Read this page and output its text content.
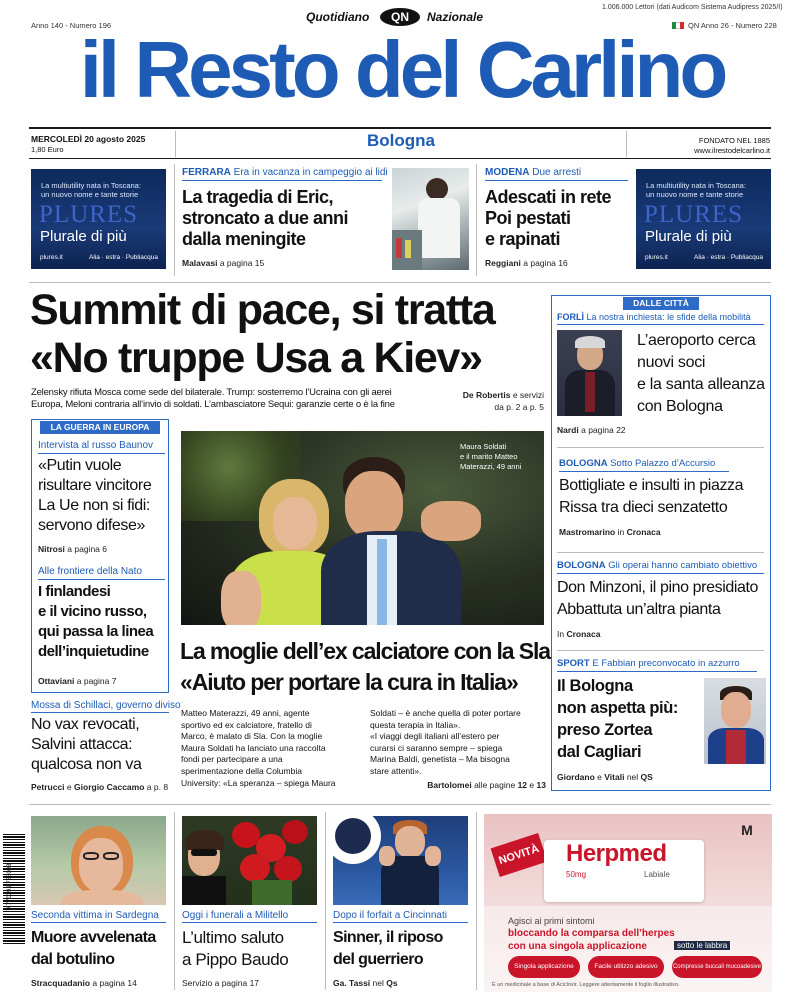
1.006.000 Lettori (dati Audicom Sistema Audipress 2025/I)
Anno 140 - Numero 196	QN Anno 26 - Numero 228
Quotidiano	QN	Nazionale
il Resto del Carlino
MERCOLEDÌ 20 agosto 2025
1,80 Euro	Bologna	FONDATO NEL 1885
www.ilrestodelcarlino.it
La multiutility nata in Toscana:
un nuovo nome e tante storie
PLURES
Plurale di più
plures.it	Alia · estra · Publiacqua
FERRARA Era in vacanza in campeggio ai lidi
La tragedia di Eric,
stroncato a due anni
dalla meningite
Malavasi a pagina 15
MODENA Due arresti
Adescati in rete
Poi pestati
e rapinati
Reggiani a pagina 16
La multiutility nata in Toscana:
un nuovo nome e tante storie
PLURES
Plurale di più
plures.it	Alia · estra · Publiacqua
Summit di pace, si tratta
«No truppe Usa a Kiev»
Zelensky rifiuta Mosca come sede del bilaterale. Trump: sosterremo l’Ucraina con gli aerei
Europa, Meloni contraria all’invio di soldati. L’ambasciatore Sequi: garanzie certe o è la fine
De Robertis e servizi
da p. 2 a p. 5
LA GUERRA IN EUROPA
Intervista al russo Baunov
«Putin vuole
risultare vincitore
La Ue non si fidi:
servono difese»
Nitrosi a pagina 6
Alle frontiere della Nato
I finlandesi
e il vicino russo,
qui passa la linea
dell’inquietudine
Ottaviani a pagina 7
Mossa di Schillaci, governo diviso
No vax revocati,
Salvini attacca:
qualcosa non va
Petrucci e Giorgio Caccamo a p. 8
Maura Soldati
e il marito Matteo
Materazzi, 49 anni
La moglie dell’ex calciatore con la Sla
«Aiuto per portare la cura in Italia»
Matteo Materazzi, 49 anni, agente
sportivo ed ex calciatore, fratello di
Marco, è malato di Sla. Con la moglie
Maura Soldati ha lanciato una raccolta
fondi per partecipare a una
sperimentazione della Columbia
University: «La speranza – spiega Maura
Soldati – è anche quella di poter portare
questa terapia in Italia».
«I viaggi degli italiani all’estero per
curarsi ci saranno sempre – spiega
Marina Baldi, genetista – Ma bisogna
stare attenti».
Bartolomei alle pagine 12 e 13
DALLE CITTÀ
FORLÌ La nostra inchiesta: le sfide della mobilità
L’aeroporto cerca
nuovi soci
e la santa alleanza
con Bologna
Nardi a pagina 22
BOLOGNA Sotto Palazzo d’Accursio
Bottigliate e insulti in piazza
Rissa tra dieci senzatetto
Mastromarino in Cronaca
BOLOGNA Gli operai hanno cambiato obiettivo
Don Minzoni, il pino presidiato
Abbattuta un’altra pianta
In Cronaca
SPORT E Fabbian preconvocato in azzurro
Il Bologna
non aspetta più:
preso Zortea
dal Cagliari
Giordano e Vitali nel QS
9 770391 788008
Seconda vittima in Sardegna
Muore avvelenata
dal botulino
Stracquadanio a pagina 14
Oggi i funerali a Militello
L’ultimo saluto
a Pippo Baudo
Servizio a pagina 17
Dopo il forfait a Cincinnati
Sinner, il riposo
del guerriero
Ga. Tassi nel Qs
M
NOVITÀ Herpmed
50mg	Labiale
Agisci ai primi sintomi
bloccando la comparsa dell’herpes
con una singola applicazione	sotto le labbra
Singola applicazione	Facile utilizzo adesivo	Compresse buccali mucoadesive
È un medicinale a base di Aciclovir. Leggere attentamente il foglio illustrativo.
